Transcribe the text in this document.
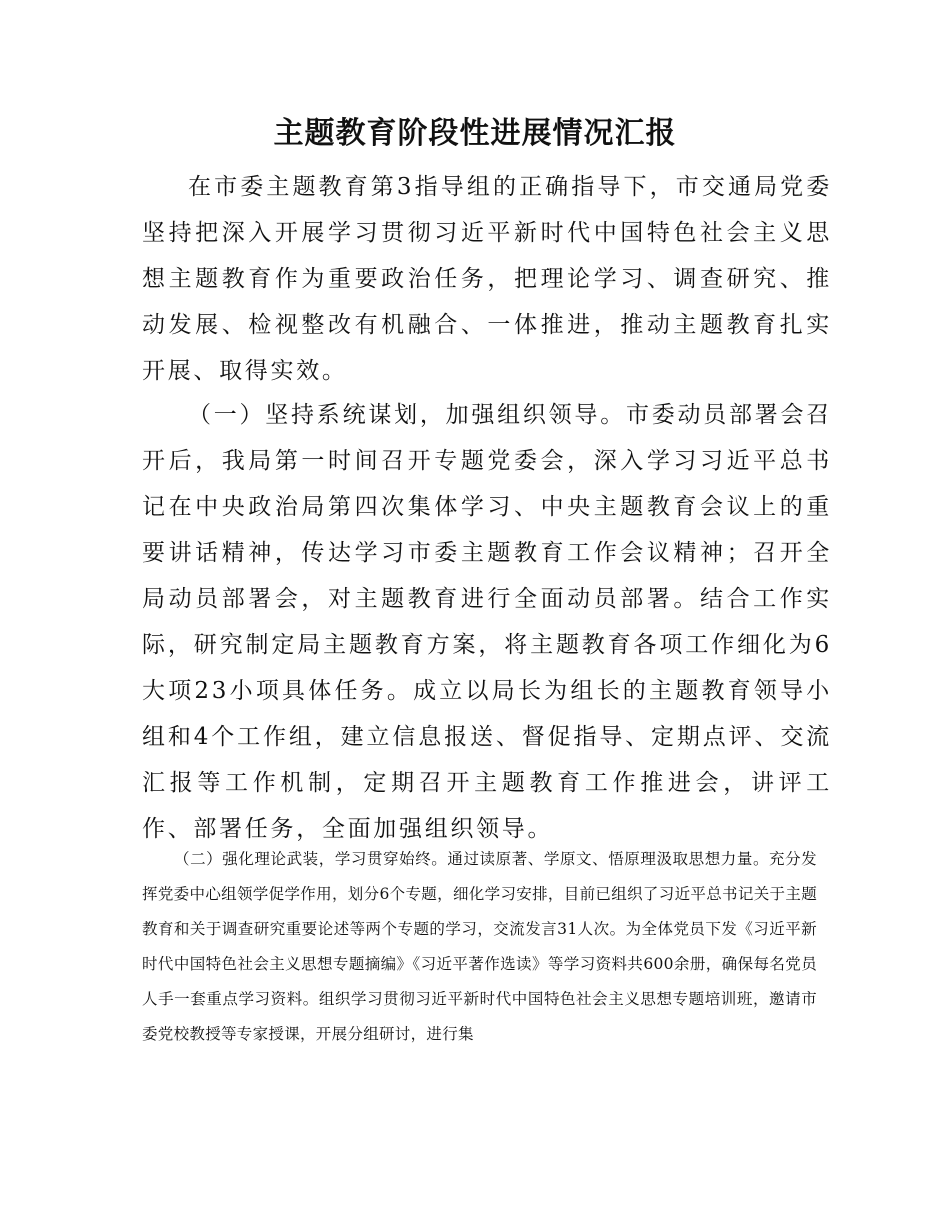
主题教育阶段性进展情况汇报

在市委主题教育第3指导组的正确指导下，市交通局党委坚持把深入开展学习贯彻习近平新时代中国特色社会主义思想主题教育作为重要政治任务，把理论学习、调查研究、推动发展、检视整改有机融合、一体推进，推动主题教育扎实开展、取得实效。

（一）坚持系统谋划，加强组织领导。市委动员部署会召开后，我局第一时间召开专题党委会，深入学习习近平总书记在中央政治局第四次集体学习、中央主题教育会议上的重要讲话精神，传达学习市委主题教育工作会议精神；召开全局动员部署会，对主题教育进行全面动员部署。结合工作实际，研究制定局主题教育方案，将主题教育各项工作细化为6大项23小项具体任务。成立以局长为组长的主题教育领导小组和4个工作组，建立信息报送、督促指导、定期点评、交流汇报等工作机制，定期召开主题教育工作推进会，讲评工作、部署任务，全面加强组织领导。

（二）强化理论武装，学习贯穿始终。通过读原著、学原文、悟原理汲取思想力量。充分发挥党委中心组领学促学作用，划分6个专题，细化学习安排，目前已组织了习近平总书记关于主题教育和关于调查研究重要论述等两个专题的学习，交流发言31人次。为全体党员下发《习近平新时代中国特色社会主义思想专题摘编》《习近平著作选读》等学习资料共600余册，确保每名党员人手一套重点学习资料。组织学习贯彻习近平新时代中国特色社会主义思想专题培训班，邀请市委党校教授等专家授课，开展分组研讨，进行集
